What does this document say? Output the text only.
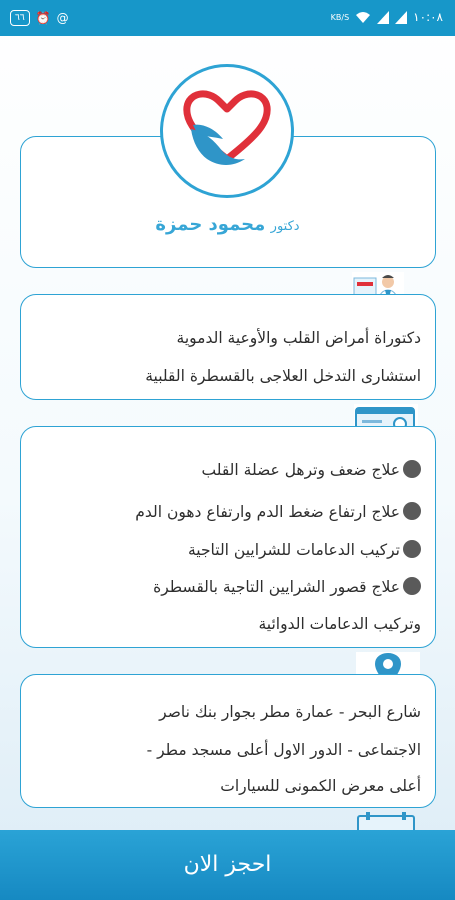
٦٦ ⏰ @	KB/S	١٠:٠٨
دكتور محمود حمزة
دكتوراة أمراض القلب والأوعية الدموية
استشارى التدخل العلاجى بالقسطرة القلبية
علاج ضعف وترهل عضلة القلب
علاج ارتفاع ضغط الدم وارتفاع دهون الدم
تركيب الدعامات للشرايين التاجية
علاج قصور الشرايين التاجية بالقسطرة
وتركيب الدعامات الدوائية
شارع البحر - عمارة مطر بجوار بنك ناصر
الاجتماعى - الدور الاول أعلى مسجد مطر -
أعلى معرض الكمونى للسيارات
احجز الان
